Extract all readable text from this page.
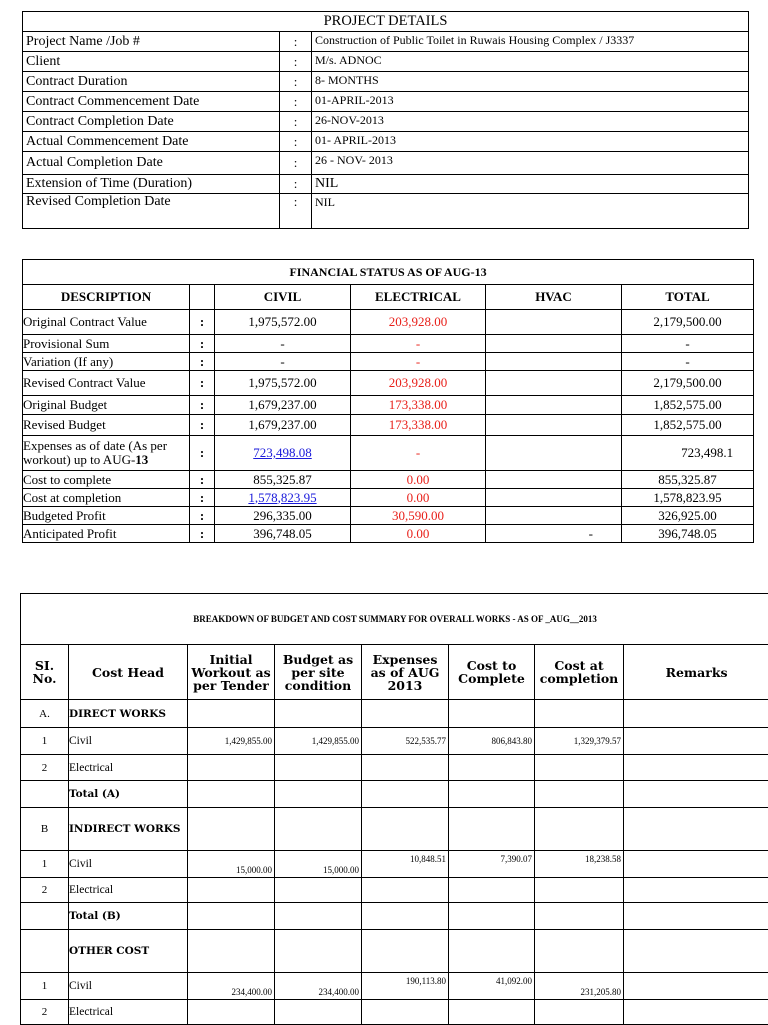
PROJECT DETAILS		
Project Name /Job #	:	Construction of Public Toilet in Ruwais Housing Complex / J3337
Client	:	M/s. ADNOC
Contract Duration	:	8- MONTHS
Contract Commencement Date	:	01-APRIL-2013
Contract Completion Date	:	26-NOV-2013
Actual Commencement Date	:	01- APRIL-2013
Actual Completion Date	:	26 - NOV- 2013
Extension of Time (Duration)	:	NIL
Revised Completion Date	:	NIL
FINANCIAL STATUS AS OF AUG-13					
DESCRIPTION		CIVIL	ELECTRICAL	HVAC	TOTAL
Original Contract Value	:	1,975,572.00	203,928.00		2,179,500.00
Provisional Sum	:	-	-		-
Variation (If any)	:	-	-		-
Revised Contract Value	:	1,975,572.00	203,928.00		2,179,500.00
Original Budget	:	1,679,237.00	173,338.00		1,852,575.00
Revised Budget	:	1,679,237.00	173,338.00		1,852,575.00
Expenses as of date (As per workout) up to AUG-13	:	723,498.08	-		723,498.1
Cost to complete	:	855,325.87	0.00		855,325.87
Cost at completion	:	1,578,823.95	0.00		1,578,823.95
Budgeted Profit	:	296,335.00	30,590.00		326,925.00
Anticipated Profit	:	396,748.05	0.00	-	396,748.05
BREAKDOWN OF BUDGET AND COST SUMMARY FOR OVERALL WORKS - AS OF _AUG__2013							
SI. No.	Cost Head	Initial Workout as per Tender	Budget as per site condition	Expenses as of AUG 2013	Cost to Complete	Cost at completion	Remarks
A.	DIRECT WORKS						
1	Civil	1,429,855.00	1,429,855.00	522,535.77	806,843.80	1,329,379.57	
2	Electrical						
	Total (A)						
B	INDIRECT WORKS						
1	Civil	15,000.00	15,000.00	10,848.51	7,390.07	18,238.58	
2	Electrical						
	Total (B)						
	OTHER COST						
1	Civil	234,400.00	234,400.00	190,113.80	41,092.00	231,205.80	
2	Electrical						
